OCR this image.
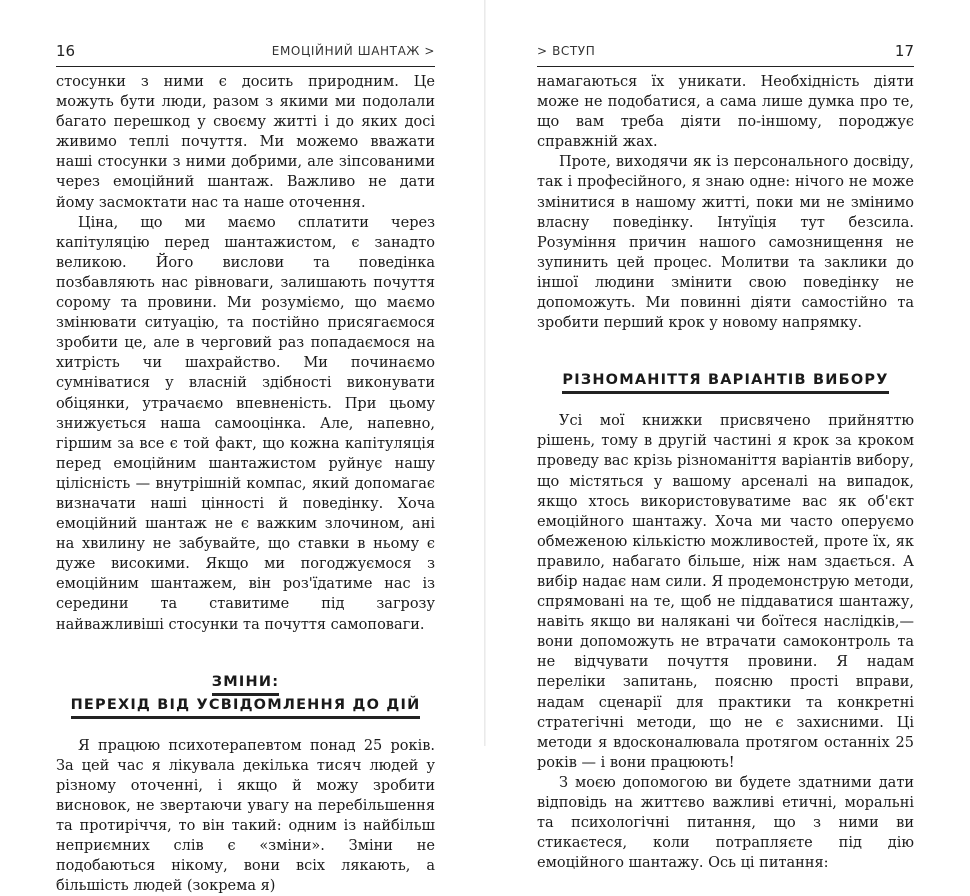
16	ЕМОЦІЙНИЙ ШАНТАЖ >

стосунки з ними є досить природним. Це можуть бути люди, разом з якими ми подолали багато перешкод у своєму житті і до яких досі живимо теплі почуття. Ми можемо вважати наші стосунки з ними добрими, але зіпсованими через емоційний шантаж. Важливо не дати йому засмоктати нас та наше оточення.

Ціна, що ми маємо сплатити через капітуляцію перед шантажистом, є занадто великою. Його вислови та поведінка позбавляють нас рівноваги, залишають почуття сорому та провини. Ми розуміємо, що маємо змінювати ситуацію, та постійно присягаємося зробити це, але в черговий раз попадаємося на хитрість чи шахрайство. Ми починаємо сумніватися у власній здібності виконувати обіцянки, утрачаємо впевненість. При цьому знижується наша самооцінка. Але, напевно, гіршим за все є той факт, що кожна капітуляція перед емоційним шантажистом руйнує нашу цілісність — внутрішній компас, який допомагає визначати наші цінності й поведінку. Хоча емоційний шантаж не є важким злочином, ані на хвилину не забувайте, що ставки в ньому є дуже високими. Якщо ми погоджуємося з емоційним шантажем, він роз'їдатиме нас із середини та ставитиме під загрозу найважливіші стосунки та почуття самоповаги.

ЗМІНИ:
ПЕРЕХІД ВІД УСВІДОМЛЕННЯ ДО ДІЙ

Я працюю психотерапевтом понад 25 років. За цей час я лікувала декілька тисяч людей у різному оточенні, і якщо й можу зробити висновок, не звертаючи увагу на перебільшення та протиріччя, то він такий: одним із найбільш неприємних слів є «зміни». Зміни не подобаються нікому, вони всіх лякають, а більшість людей (зокрема я)

> ВСТУП	17

намагаються їх уникати. Необхідність діяти може не подобатися, а сама лише думка про те, що вам треба діяти по-іншому, породжує справжній жах.

Проте, виходячи як із персонального досвіду, так і професійного, я знаю одне: нічого не може змінитися в нашому житті, поки ми не змінимо власну поведінку. Інтуїція тут безсила. Розуміння причин нашого самознищення не зупинить цей процес. Молитви та заклики до іншої людини змінити свою поведінку не допоможуть. Ми повинні діяти самостійно та зробити перший крок у новому напрямку.

РІЗНОМАНІТТЯ ВАРІАНТІВ ВИБОРУ

Усі мої книжки присвячено прийняттю рішень, тому в другій частині я крок за кроком проведу вас крізь різноманіття варіантів вибору, що містяться у вашому арсеналі на випадок, якщо хтось використовуватиме вас як об'єкт емоційного шантажу. Хоча ми часто оперуємо обмеженою кількістю можливостей, проте їх, як правило, набагато більше, ніж нам здається. А вибір надає нам сили. Я продемонструю методи, спрямовані на те, щоб не піддаватися шантажу, навіть якщо ви наляканi чи боїтеся наслідків,— вони допоможуть не втрачати самоконтроль та не відчувати почуття провини. Я надам переліки запитань, поясню прості вправи, надам сценарії для практики та конкретні стратегічні методи, що не є захисними. Ці методи я вдосконалювала протягом останніх 25 років — і вони працюють!

З моєю допомогою ви будете здатними дати відповідь на життєво важливі етичні, моральні та психологічні питання, що з ними ви стикаєтеся, коли потрапляєте під дію емоційного шантажу. Ось ці питання:
